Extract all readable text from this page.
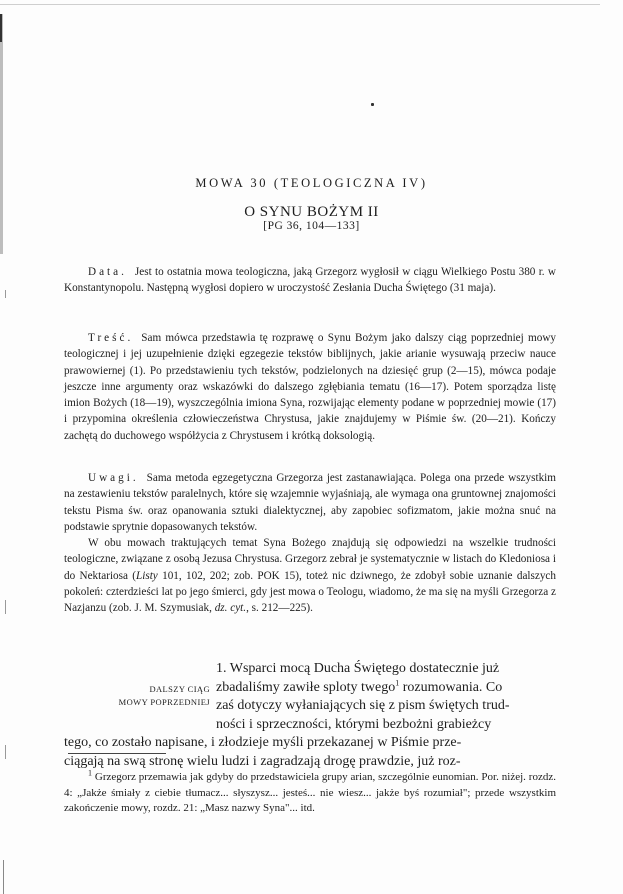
MOWA 30 (TEOLOGICZNA IV)
O SYNU BOŻYM II
[PG 36, 104—133]

Data. Jest to ostatnia mowa teologiczna, jaką Grzegorz wygłosił w ciągu Wielkiego Postu 380 r. w Konstantynopolu. Następną wygłosi dopiero w uroczystość Zesłania Ducha Świętego (31 maja).

Treść. Sam mówca przedstawia tę rozprawę o Synu Bożym jako dalszy ciąg poprzedniej mowy teologicznej i jej uzupełnienie dzięki egzegezie tekstów biblijnych, jakie arianie wysuwają przeciw nauce prawowiernej (1). Po przedstawieniu tych tekstów, podzielonych na dziesięć grup (2—15), mówca podaje jeszcze inne argumenty oraz wskazówki do dalszego zgłębiania tematu (16—17). Potem sporządza listę imion Bożych (18—19), wyszczególnia imiona Syna, rozwijając elementy podane w poprzedniej mowie (17) i przypomina określenia człowieczeństwa Chrystusa, jakie znajdujemy w Piśmie św. (20—21). Kończy zachętą do duchowego współżycia z Chrystusem i krótką doksologią.

Uwagi. Sama metoda egzegetyczna Grzegorza jest zastanawiająca. Polega ona przede wszystkim na zestawieniu tekstów paralelnych, które się wzajemnie wyjaśniają, ale wymaga ona gruntownej znajomości tekstu Pisma św. oraz opanowania sztuki dialektycznej, aby zapobiec sofizmatom, jakie można snuć na podstawie sprytnie dopasowanych tekstów.

W obu mowach traktujących temat Syna Bożego znajdują się odpowiedzi na wszelkie trudności teologiczne, związane z osobą Jezusa Chrystusa. Grzegorz zebrał je systematycznie w listach do Kledoniosa i do Nektariosa (Listy 101, 102, 202; zob. POK 15), toteż nic dziwnego, że zdobył sobie uznanie dalszych pokoleń: czterdzieści lat po jego śmierci, gdy jest mowa o Teologu, wiadomo, że ma się na myśli Grzegorza z Nazjanzu (zob. J. M. Szymusiak, dz. cyt., s. 212—225).

DALSZY CIĄG
MOWY POPRZEDNIEJ
1. Wsparci mocą Ducha Świętego dostatecznie już
zbadaliśmy zawiłe sploty twego$^1$ rozumowania. Co
zaś dotyczy wyłaniających się z pism świętych trud-
ności i sprzeczności, którymi bezbożni grabieżcy
tego, co zostało napisane, i złodzieje myśli przekazanej w Piśmie prze-
ciągają na swą stronę wielu ludzi i zagradzają drogę prawdzie, już roz-

$^1$ Grzegorz przemawia jak gdyby do przedstawiciela grupy arian, szczególnie eunomian. Por. niżej. rozdz. 4: „Jakże śmiały z ciebie tłumacz... słyszysz... jesteś... nie wiesz... jakże byś rozumiał"; przede wszystkim zakończenie mowy, rozdz. 21: „Masz nazwy Syna"... itd.
